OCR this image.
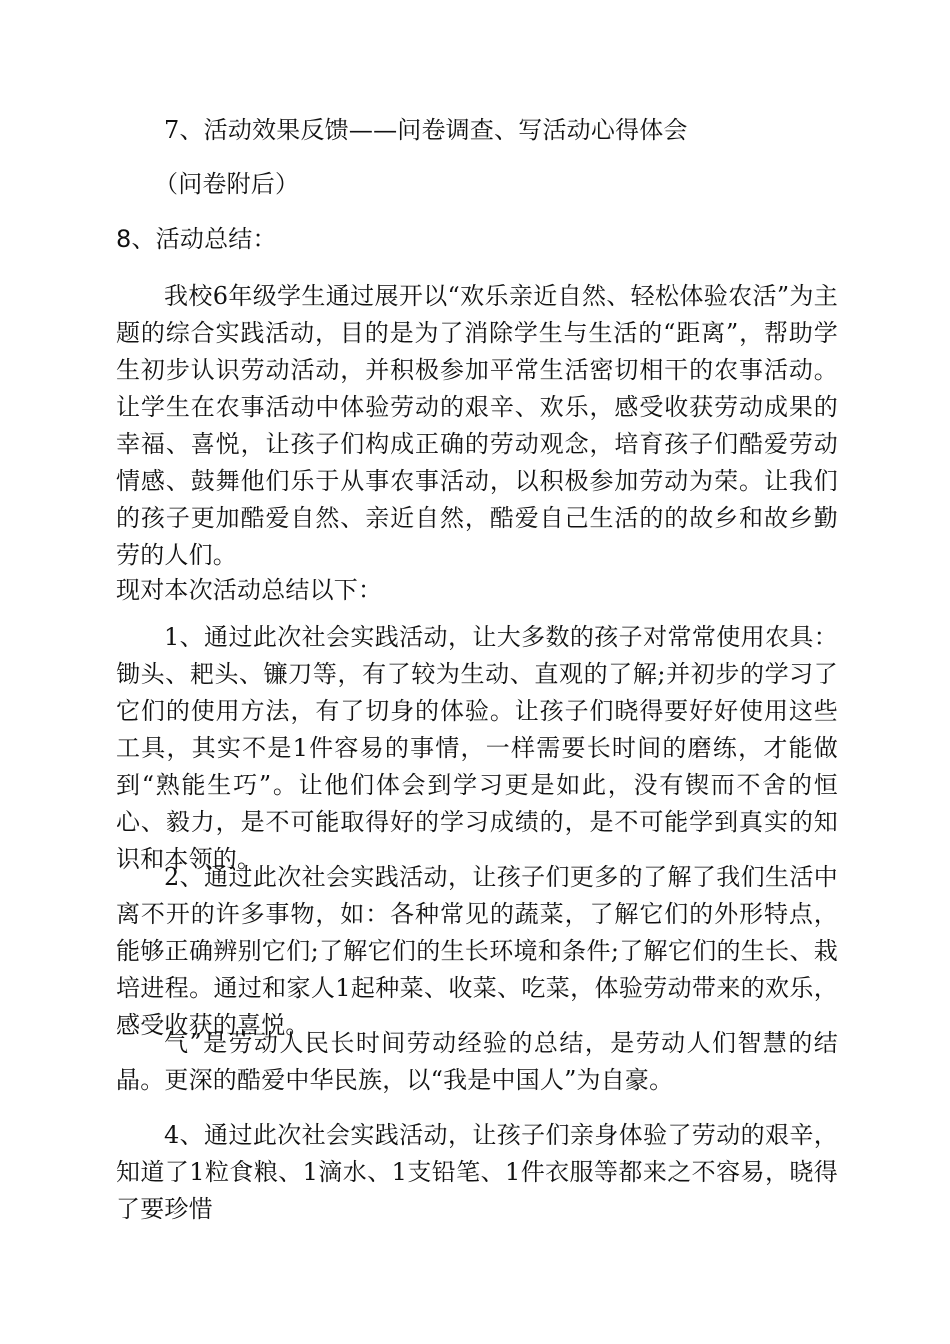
7、活动效果反馈——问卷调查、写活动心得体会
（问卷附后）
8、活动总结：
我校6年级学生通过展开以“欢乐亲近自然、轻松体验农活”为主题的综合实践活动，目的是为了消除学生与生活的“距离”，帮助学生初步认识劳动活动，并积极参加平常生活密切相干的农事活动。让学生在农事活动中体验劳动的艰辛、欢乐，感受收获劳动成果的幸福、喜悦，让孩子们构成正确的劳动观念，培育孩子们酷爱劳动情感、鼓舞他们乐于从事农事活动，以积极参加劳动为荣。让我们的孩子更加酷爱自然、亲近自然，酷爱自己生活的的故乡和故乡勤劳的人们。
现对本次活动总结以下：
1、通过此次社会实践活动，让大多数的孩子对常常使用农具：锄头、耙头、镰刀等，有了较为生动、直观的了解;并初步的学习了它们的使用方法，有了切身的体验。让孩子们晓得要好好使用这些工具，其实不是1件容易的事情，一样需要长时间的磨练，才能做到“熟能生巧”。让他们体会到学习更是如此，没有锲而不舍的恒心、毅力，是不可能取得好的学习成绩的，是不可能学到真实的知识和本领的。
2、通过此次社会实践活动，让孩子们更多的了解了我们生活中离不开的许多事物，如：各种常见的蔬菜，了解它们的外形特点，能够正确辨别它们;了解它们的生长环境和条件;了解它们的生长、栽培进程。通过和家人1起种菜、收菜、吃菜，体验劳动带来的欢乐，感受收获的喜悦。
气”是劳动人民长时间劳动经验的总结，是劳动人们智慧的结晶。更深的酷爱中华民族，以“我是中国人”为自豪。
4、通过此次社会实践活动，让孩子们亲身体验了劳动的艰辛，知道了1粒食粮、1滴水、1支铅笔、1件衣服等都来之不容易，晓得了要珍惜
